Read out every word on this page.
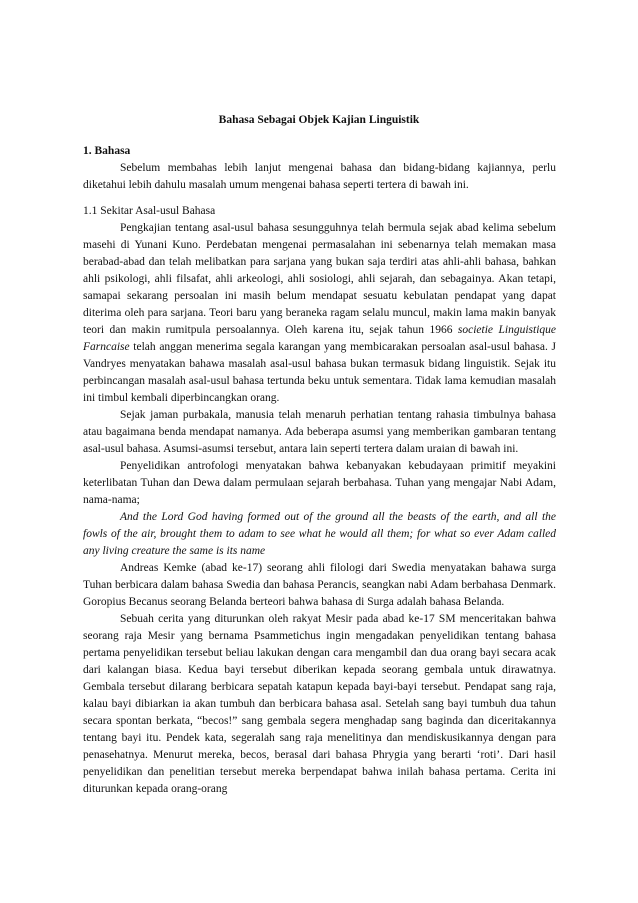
Bahasa Sebagai Objek Kajian Linguistik

1. Bahasa

Sebelum membahas lebih lanjut mengenai bahasa dan bidang-bidang kajiannya, perlu diketahui lebih dahulu masalah umum mengenai bahasa seperti tertera di bawah ini.

1.1 Sekitar Asal-usul Bahasa

Pengkajian tentang asal-usul bahasa sesungguhnya telah bermula sejak abad kelima sebelum masehi di Yunani Kuno. Perdebatan mengenai permasalahan ini sebenarnya telah memakan masa berabad-abad dan telah melibatkan para sarjana yang bukan saja terdiri atas ahli-ahli bahasa, bahkan ahli psikologi, ahli filsafat, ahli arkeologi, ahli sosiologi, ahli sejarah, dan sebagainya. Akan tetapi, samapai sekarang persoalan ini masih belum mendapat sesuatu kebulatan pendapat yang dapat diterima oleh para sarjana. Teori baru yang beraneka ragam selalu muncul, makin lama makin banyak teori dan makin rumitpula persoalannya. Oleh karena itu, sejak tahun 1966 societie Linguistique Farncaise telah anggan menerima segala karangan yang membicarakan persoalan asal-usul bahasa. J Vandryes menyatakan bahawa masalah asal-usul bahasa bukan termasuk bidang linguistik. Sejak itu perbincangan masalah asal-usul bahasa tertunda beku untuk sementara. Tidak lama kemudian masalah ini timbul kembali diperbincangkan orang.

Sejak jaman purbakala, manusia telah menaruh perhatian tentang rahasia timbulnya bahasa atau bagaimana benda mendapat namanya. Ada beberapa asumsi yang memberikan gambaran tentang asal-usul bahasa. Asumsi-asumsi tersebut, antara lain seperti tertera dalam uraian di bawah ini.

Penyelidikan antrofologi menyatakan bahwa kebanyakan kebudayaan primitif meyakini keterlibatan Tuhan dan Dewa dalam permulaan sejarah berbahasa. Tuhan yang mengajar Nabi Adam, nama-nama;

And the Lord God having formed out of the ground all the beasts of the earth, and all the fowls of the air, brought them to adam to see what he would all them; for what so ever Adam called any living creature the same is its name

Andreas Kemke (abad ke-17) seorang ahli filologi dari Swedia menyatakan bahawa surga Tuhan berbicara dalam bahasa Swedia dan bahasa Perancis, seangkan nabi Adam berbahasa Denmark. Goropius Becanus seorang Belanda berteori bahwa bahasa di Surga adalah bahasa Belanda.

Sebuah cerita yang diturunkan oleh rakyat Mesir pada abad ke-17 SM menceritakan bahwa seorang raja Mesir yang bernama Psammetichus ingin mengadakan penyelidikan tentang bahasa pertama penyelidikan tersebut beliau lakukan dengan cara mengambil dan dua orang bayi secara acak dari kalangan biasa. Kedua bayi tersebut diberikan kepada seorang gembala untuk dirawatnya. Gembala tersebut dilarang berbicara sepatah katapun kepada bayi-bayi tersebut. Pendapat sang raja, kalau bayi dibiarkan ia akan tumbuh dan berbicara bahasa asal. Setelah sang bayi tumbuh dua tahun secara spontan berkata, “becos!” sang gembala segera menghadap sang baginda dan diceritakannya tentang bayi itu. Pendek kata, segeralah sang raja menelitinya dan mendiskusikannya dengan para penasehatnya. Menurut mereka, becos, berasal dari bahasa Phrygia yang berarti ‘roti’. Dari hasil penyelidikan dan penelitian tersebut mereka berpendapat bahwa inilah bahasa pertama. Cerita ini diturunkan kepada orang-orang
